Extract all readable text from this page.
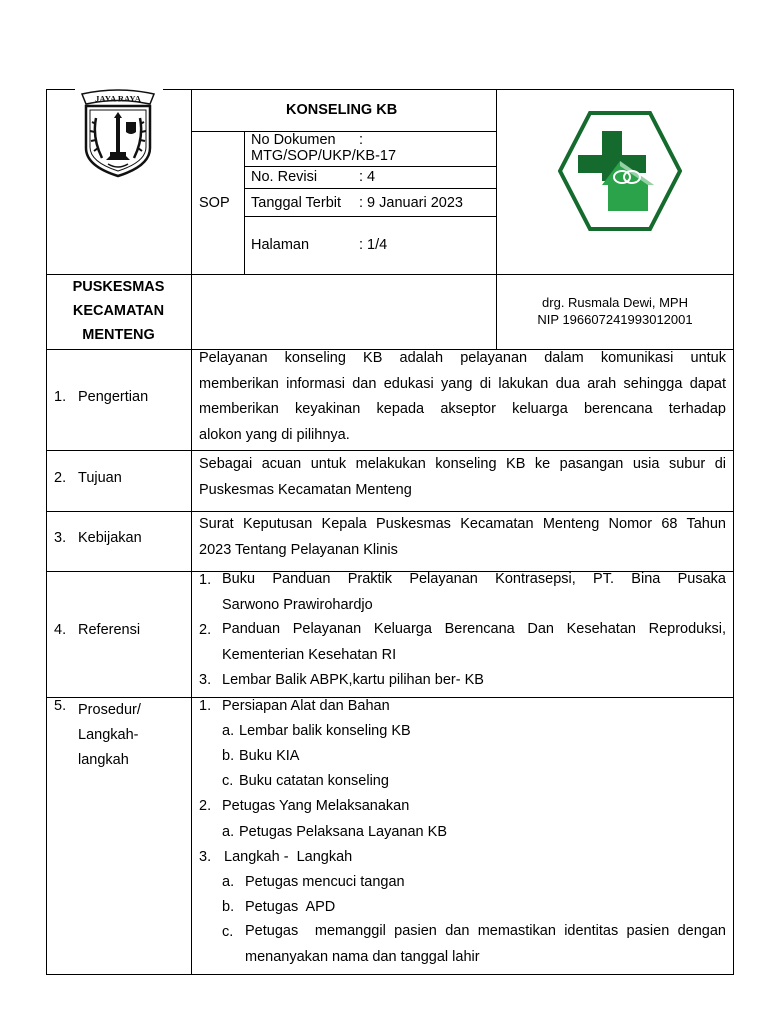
JAYA RAYA
KONSELING KB
SOP
No Dokumen :
MTG/SOP/UKP/KB-17
No. Revisi	: 4
Tanggal Terbit : 9 Januari 2023
Halaman	: 1/4
PUSKESMAS
KECAMATAN
MENTENG
drg. Rusmala Dewi, MPH
NIP 196607241993012001
1. Pengertian
Pelayanan konseling KB adalah pelayanan dalam komunikasi untuk
memberikan informasi dan edukasi yang di lakukan dua arah sehingga dapat
memberikan keyakinan kepada akseptor keluarga berencana terhadap
alokon yang di pilihnya.
2. Tujuan
Sebagai acuan untuk melakukan konseling KB ke pasangan usia subur di
Puskesmas Kecamatan Menteng
3. Kebijakan
Surat Keputusan Kepala Puskesmas Kecamatan Menteng Nomor 68 Tahun
2023 Tentang Pelayanan Klinis
4. Referensi
1. Buku Panduan Praktik Pelayanan Kontrasepsi, PT. Bina Pusaka
Sarwono Prawirohardjo
2. Panduan Pelayanan Keluarga Berencana Dan Kesehatan Reproduksi,
Kementerian Kesehatan RI
3. Lembar Balik ABPK,kartu pilihan ber- KB
5. Prosedur/
Langkah-
langkah
1. Persiapan Alat dan Bahan
a. Lembar balik konseling KB
b. Buku KIA
c. Buku catatan konseling
2. Petugas Yang Melaksanakan
a. Petugas Pelaksana Layanan KB
3. Langkah -  Langkah
a. Petugas mencuci tangan
b. Petugas  APD
c. Petugas  memanggil pasien dan memastikan identitas pasien dengan
menanyakan nama dan tanggal lahir
